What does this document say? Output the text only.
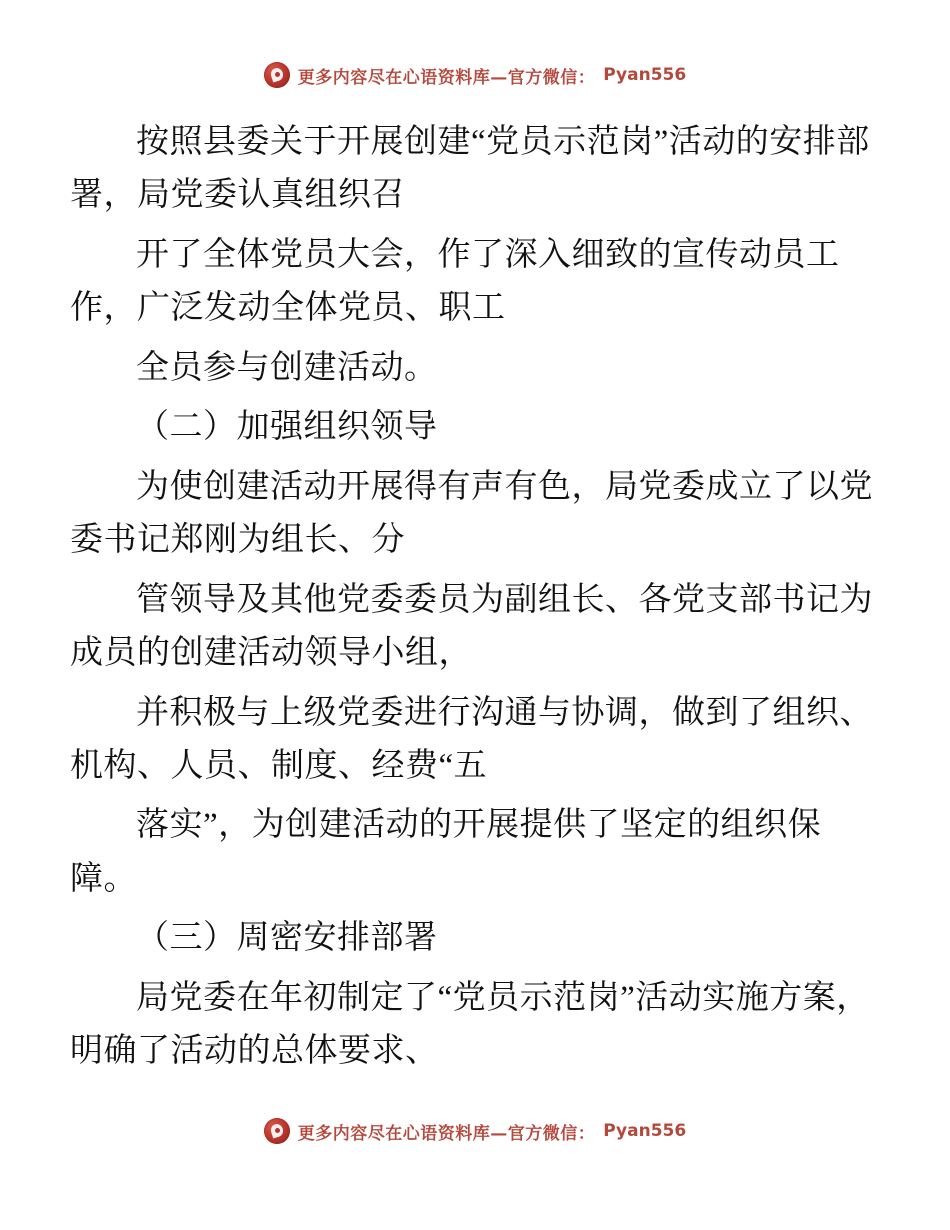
更多内容尽在心语资料库—官方微信： Pyan556

按照县委关于开展创建“党员示范岗”活动的安排部署，局党委认真组织召

开了全体党员大会，作了深入细致的宣传动员工作，广泛发动全体党员、职工

全员参与创建活动。

（二）加强组织领导

为使创建活动开展得有声有色，局党委成立了以党委书记郑刚为组长、分

管领导及其他党委委员为副组长、各党支部书记为成员的创建活动领导小组，

并积极与上级党委进行沟通与协调，做到了组织、机构、人员、制度、经费“五

落实”，为创建活动的开展提供了坚定的组织保障。

（三）周密安排部署

局党委在年初制定了“党员示范岗”活动实施方案，明确了活动的总体要求、

更多内容尽在心语资料库—官方微信： Pyan556
